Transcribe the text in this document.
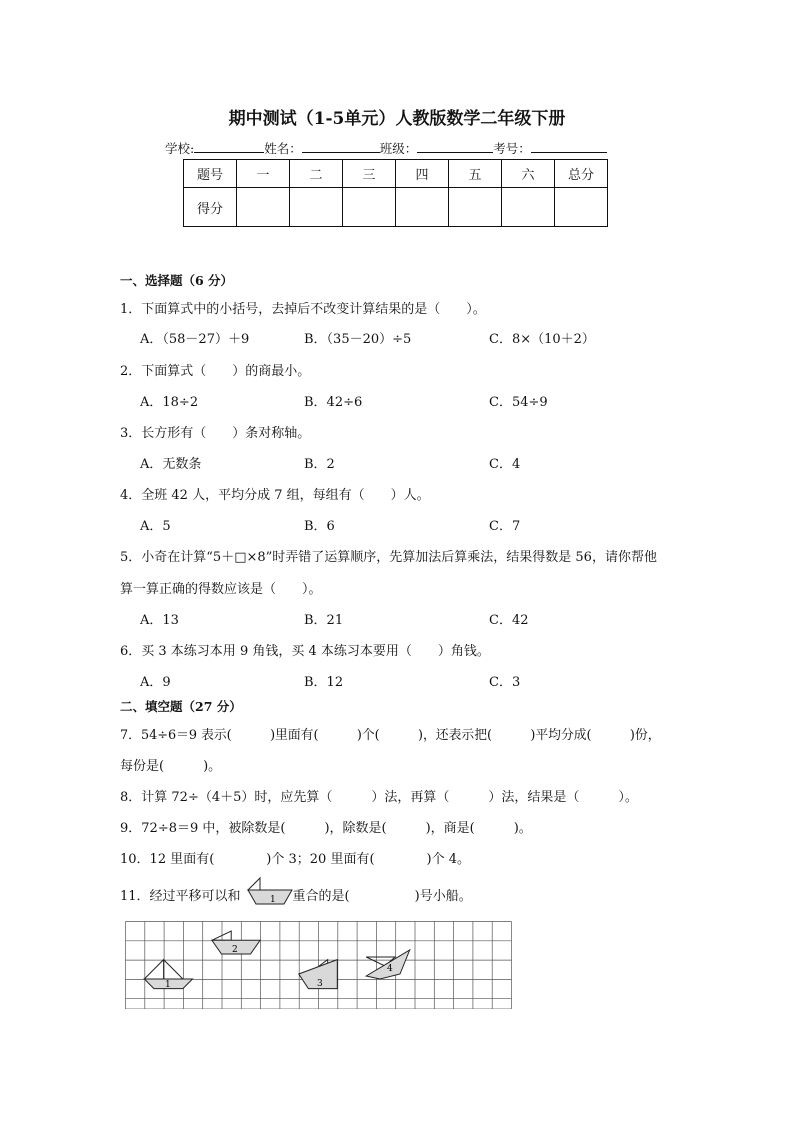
期中测试（1-5单元）人教版数学二年级下册
学校:	姓名：	班级：	考号：
题号	一	二	三	四	五	六	总分
得分							
一、选择题（6 分）
1．下面算式中的小括号，去掉后不改变计算结果的是（　　）。
A．（58－27）＋9	B．（35－20）÷5	C．8×（10＋2）
2．下面算式（　　）的商最小。
A．18÷2	B．42÷6	C．54÷9
3．长方形有（　　）条对称轴。
A．无数条	B．2	C．4
4．全班 42 人，平均分成 7 组，每组有（　　）人。
A．5	B．6	C．7
5．小奇在计算“5＋□×8”时弄错了运算顺序，先算加法后算乘法，结果得数是 56，请你帮他
算一算正确的得数应该是（　　）。
A．13	B．21	C．42
6．买 3 本练习本用 9 角钱，买 4 本练习本要用（　　）角钱。
A．9	B．12	C．3
二、填空题（27 分）
7．54÷6＝9 表示(　　　)里面有(　　　)个(　　　)，还表示把(　　　)平均分成(　　　)份，
每份是(　　　)。
8．计算 72÷（4＋5）时，应先算（　　　）法，再算（　　　）法，结果是（　　　）。
9．72÷8＝9 中，被除数是(　　　)，除数是(　　　)，商是(　　　)。
10．12 里面有(　　　　)个 3；20 里面有(　　　　)个 4。
11．经过平移可以和	重合的是(　　　　　)号小船。
1
1
2
3
4
